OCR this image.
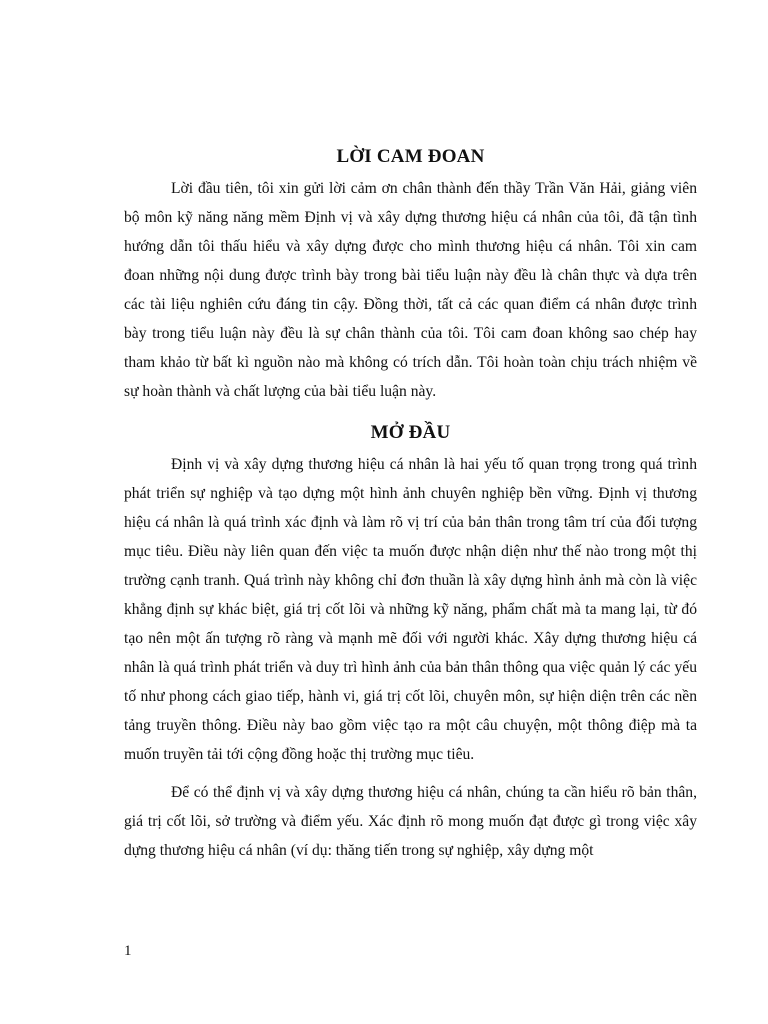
LỜI CAM ĐOAN

Lời đầu tiên, tôi xin gửi lời cảm ơn chân thành đến thầy Trần Văn Hải, giảng viên bộ môn kỹ năng năng mềm Định vị và xây dựng thương hiệu cá nhân của tôi, đã tận tình hướng dẫn tôi thấu hiểu và xây dựng được cho mình thương hiệu cá nhân. Tôi xin cam đoan những nội dung được trình bày trong bài tiểu luận này đều là chân thực và dựa trên các tài liệu nghiên cứu đáng tin cậy. Đồng thời, tất cả các quan điểm cá nhân được trình bày trong tiểu luận này đều là sự chân thành của tôi. Tôi cam đoan không sao chép hay tham khảo từ bất kì nguồn nào mà không có trích dẫn. Tôi hoàn toàn chịu trách nhiệm về sự hoàn thành và chất lượng của bài tiểu luận này.

MỞ ĐẦU

Định vị và xây dựng thương hiệu cá nhân là hai yếu tố quan trọng trong quá trình phát triển sự nghiệp và tạo dựng một hình ảnh chuyên nghiệp bền vững. Định vị thương hiệu cá nhân là quá trình xác định và làm rõ vị trí của bản thân trong tâm trí của đối tượng mục tiêu. Điều này liên quan đến việc ta muốn được nhận diện như thế nào trong một thị trường cạnh tranh. Quá trình này không chỉ đơn thuần là xây dựng hình ảnh mà còn là việc khẳng định sự khác biệt, giá trị cốt lõi và những kỹ năng, phẩm chất mà ta mang lại, từ đó tạo nên một ấn tượng rõ ràng và mạnh mẽ đối với người khác. Xây dựng thương hiệu cá nhân là quá trình phát triển và duy trì hình ảnh của bản thân thông qua việc quản lý các yếu tố như phong cách giao tiếp, hành vi, giá trị cốt lõi, chuyên môn, sự hiện diện trên các nền tảng truyền thông. Điều này bao gồm việc tạo ra một câu chuyện, một thông điệp mà ta muốn truyền tải tới cộng đồng hoặc thị trường mục tiêu.

Để có thể định vị và xây dựng thương hiệu cá nhân, chúng ta cần hiểu rõ bản thân, giá trị cốt lõi, sở trường và điểm yếu. Xác định rõ mong muốn đạt được gì trong việc xây dựng thương hiệu cá nhân (ví dụ: thăng tiến trong sự nghiệp, xây dựng một

1
